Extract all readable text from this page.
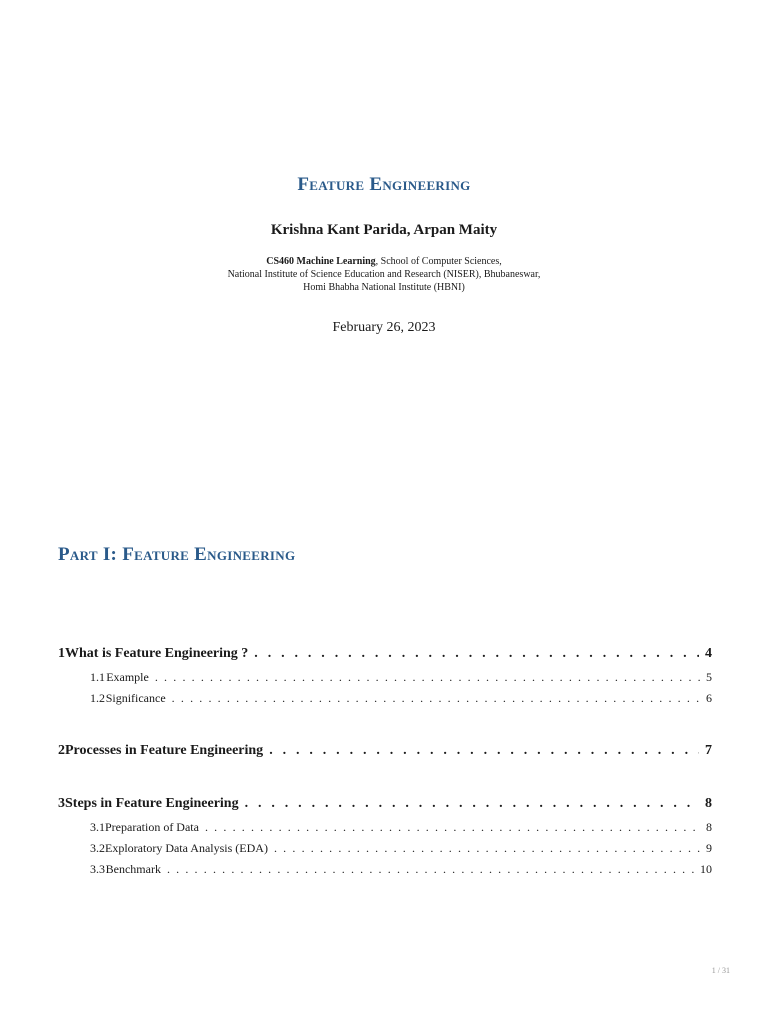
Feature Engineering
Krishna Kant Parida, Arpan Maity
CS460 Machine Learning, School of Computer Sciences,
National Institute of Science Education and Research (NISER), Bhubaneswar,
Homi Bhabha National Institute (HBNI)
February 26, 2023
Part I: Feature Engineering
1 What is Feature Engineering ? . . .	4
1.1 Example . . .	5
1.2 Significance . . .	6
2 Processes in Feature Engineering . . .	7
3 Steps in Feature Engineering . . .	8
3.1 Preparation of Data . . .	8
3.2 Exploratory Data Analysis (EDA) . . .	9
3.3 Benchmark . . .	10
1 / 31
